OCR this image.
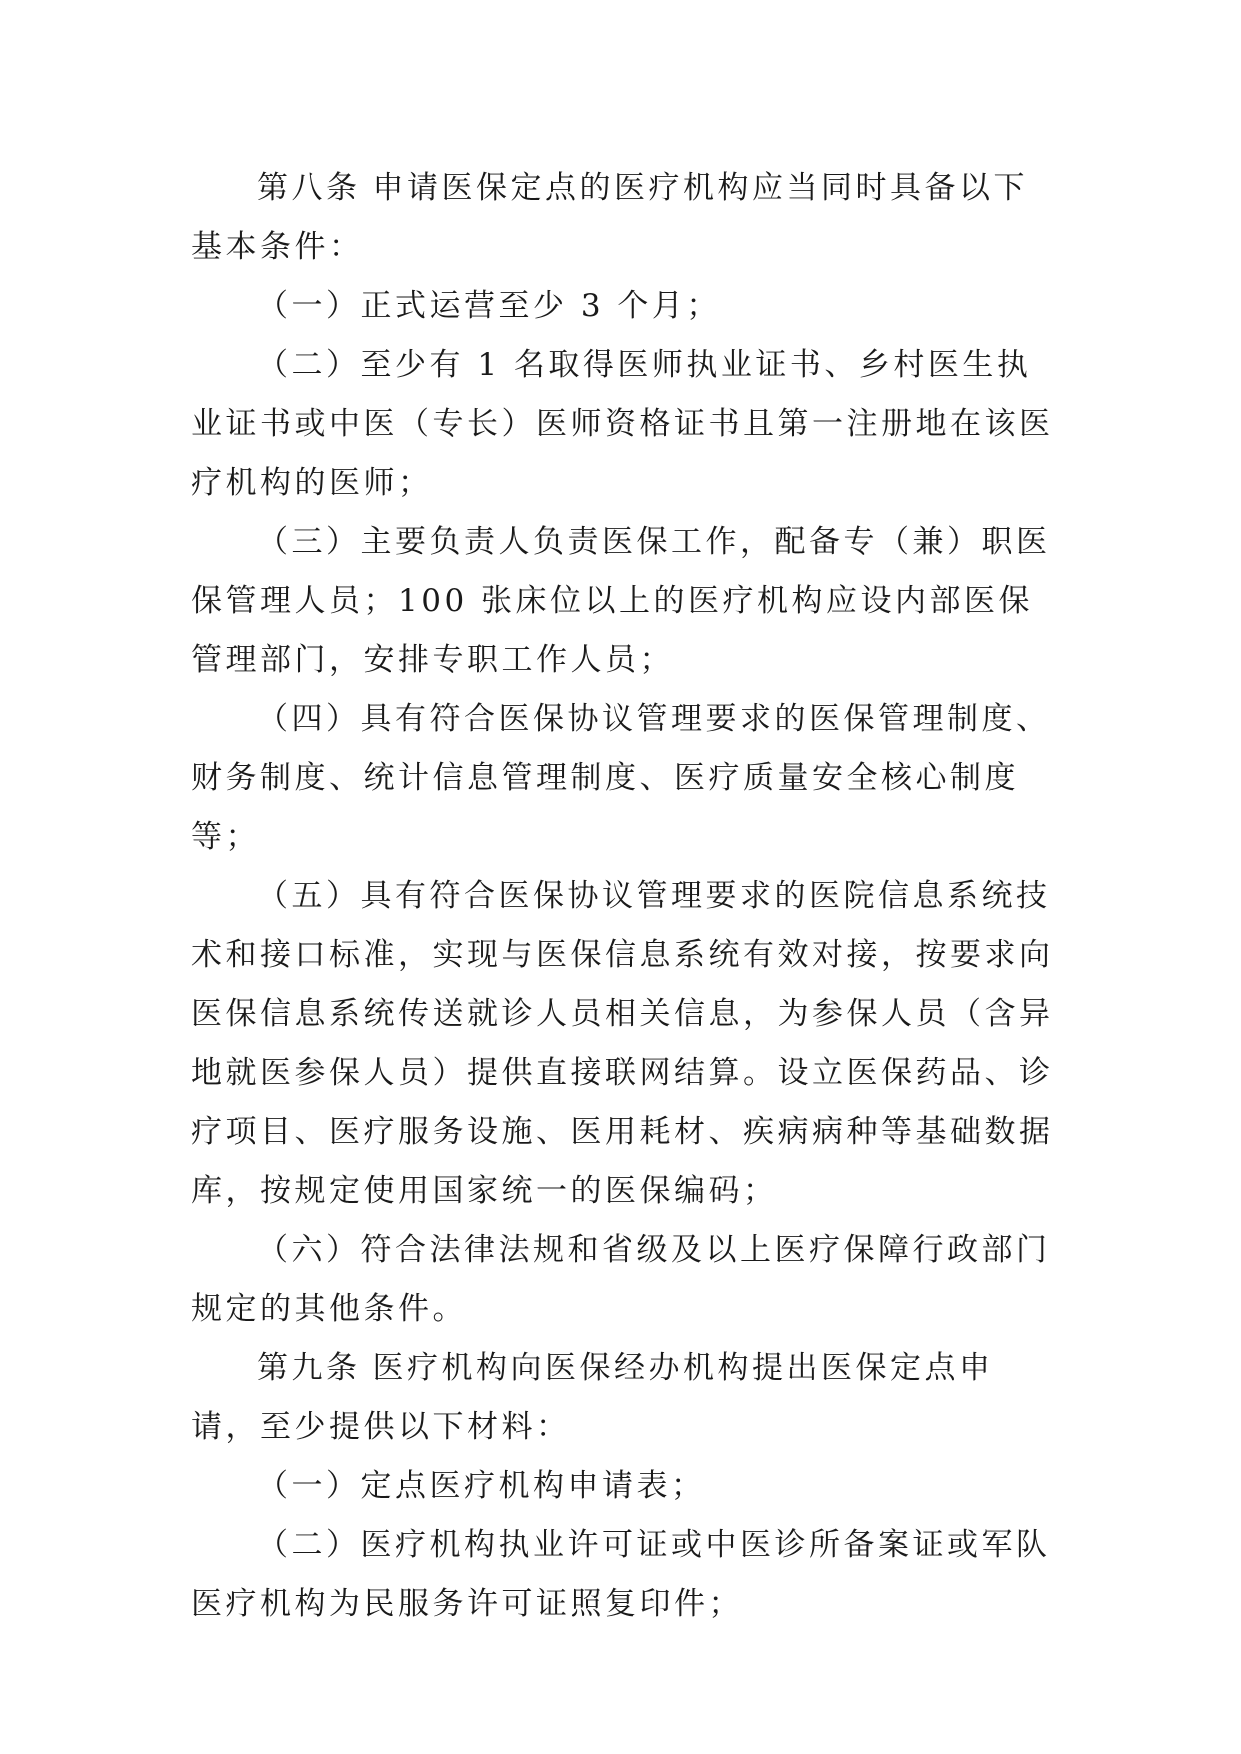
第八条 申请医保定点的医疗机构应当同时具备以下基本条件：

（一）正式运营至少 3 个月；

（二）至少有 1 名取得医师执业证书、乡村医生执业证书或中医（专长）医师资格证书且第一注册地在该医疗机构的医师；

（三）主要负责人负责医保工作，配备专（兼）职医保管理人员；100 张床位以上的医疗机构应设内部医保管理部门，安排专职工作人员；

（四）具有符合医保协议管理要求的医保管理制度、财务制度、统计信息管理制度、医疗质量安全核心制度等；

（五）具有符合医保协议管理要求的医院信息系统技术和接口标准，实现与医保信息系统有效对接，按要求向医保信息系统传送就诊人员相关信息，为参保人员（含异地就医参保人员）提供直接联网结算。设立医保药品、诊疗项目、医疗服务设施、医用耗材、疾病病种等基础数据库，按规定使用国家统一的医保编码；

（六）符合法律法规和省级及以上医疗保障行政部门规定的其他条件。

第九条 医疗机构向医保经办机构提出医保定点申请，至少提供以下材料：

（一）定点医疗机构申请表；

（二）医疗机构执业许可证或中医诊所备案证或军队医疗机构为民服务许可证照复印件；
